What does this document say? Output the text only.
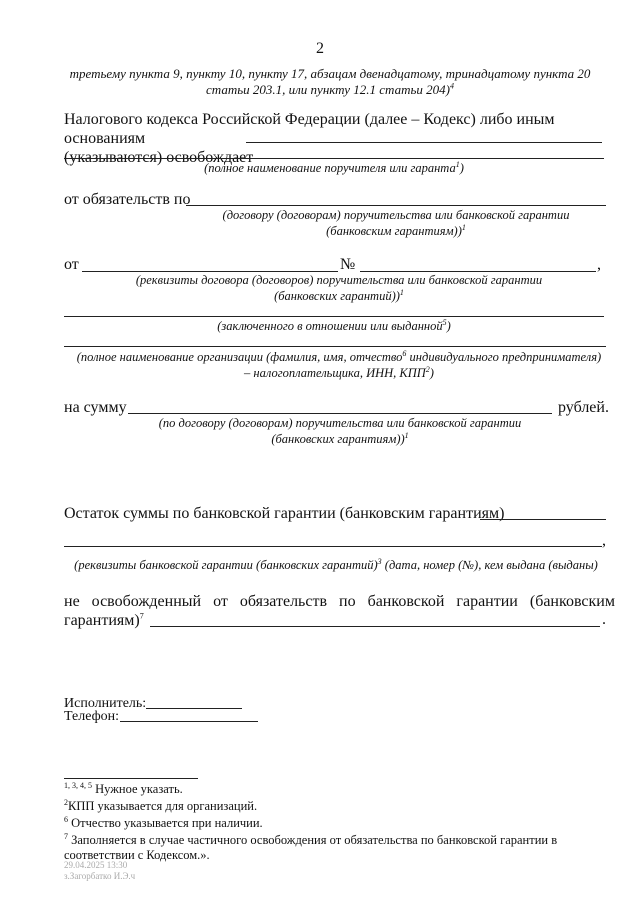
2
третьему пункта 9, пункту 10, пункту 17, абзацам двенадцатому, тринадцатому пункта 20
статьи 203.1, или пункту 12.1 статьи 204)$^4$
Налогового кодекса Российской Федерации (далее – Кодекс) либо иным основаниям
(указываются) освобождает
(полное наименование поручителя или гаранта$^1$)
от обязательств по
(договору (договорам) поручительства или банковской гарантии
(банковским гарантиям))$^1$
от	№	,
(реквизиты договора (договоров) поручительства или банковской гарантии
(банковских гарантий))$^1$
(заключенного в отношении или выданной$^5$)
(полное наименование организации (фамилия, имя, отчество$^6$ индивидуального предпринимателя)
– налогоплательщика, ИНН, КПП$^2$)
на сумму	рублей.
(по договору (договорам) поручительства или банковской гарантии
(банковских гарантиям))$^1$
Остаток суммы по банковской гарантии (банковским гарантиям)
,
(реквизиты банковской гарантии (банковских гарантий)$^3$ (дата, номер (№), кем выдана (выданы)
не   освобожденный   от   обязательств   по   банковской   гарантии   (банковским
гарантиям)$^7$	.
Исполнитель:
Телефон:
$^{1, 3, 4, 5}$ Нужное указать.
$^2$КПП указывается для организаций.
$^6$ Отчество указывается при наличии.
$^7$ Заполняется в случае частичного освобождения от обязательства по банковской гарантии в
соответствии с Кодексом.».
29.04.2025 13:30
з.Загорбатко И.Э.ч
